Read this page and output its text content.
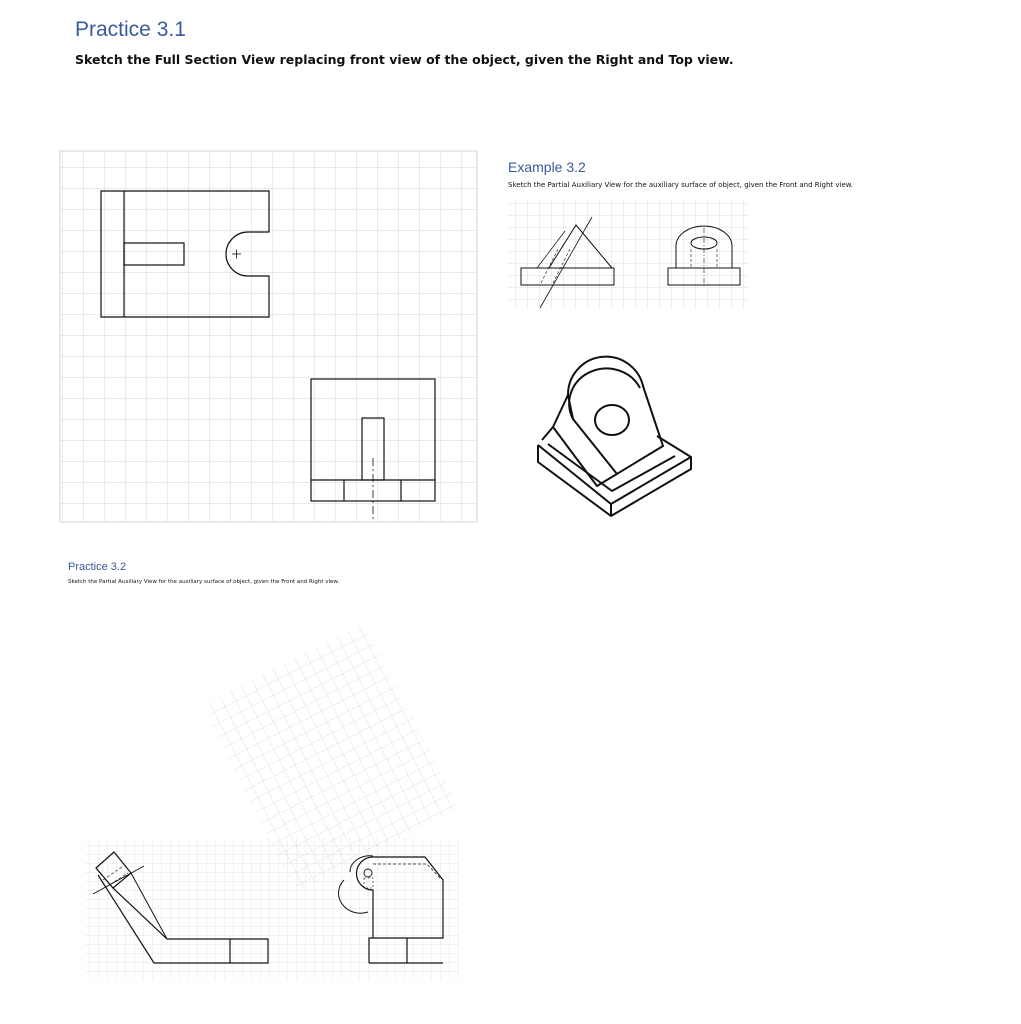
Practice 3.1
Sketch the Full Section View replacing front view of the object, given the Right and Top view.
Example 3.2
Sketch the Partial Auxiliary View for the auxiliary surface of object, given the Front and Right view.
Practice 3.2
Sketch the Partial Auxiliary View for the auxiliary surface of object, given the Front and Right view.
